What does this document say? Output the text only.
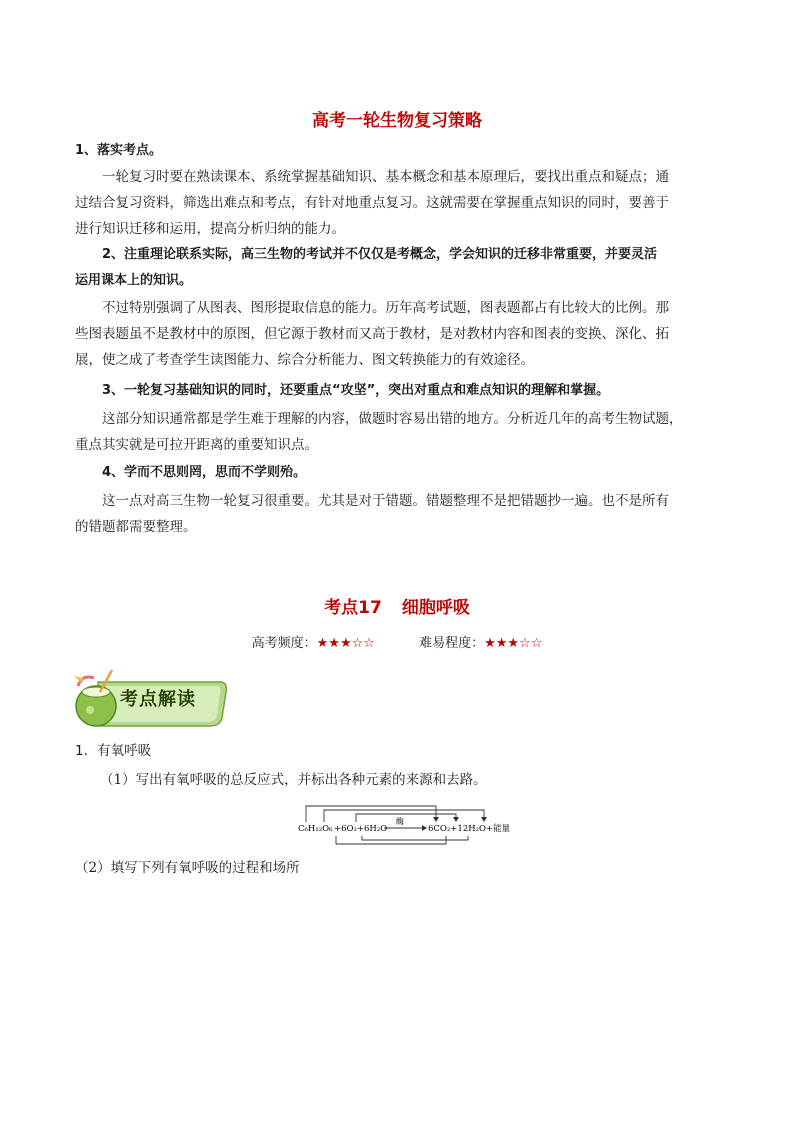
高考一轮生物复习策略
1、落实考点。
一轮复习时要在熟读课本、系统掌握基础知识、基本概念和基本原理后，要找出重点和疑点；通
过结合复习资料，筛选出难点和考点，有针对地重点复习。这就需要在掌握重点知识的同时，要善于
进行知识迁移和运用，提高分析归纳的能力。
2、注重理论联系实际，高三生物的考试并不仅仅是考概念，学会知识的迁移非常重要，并要灵活
运用课本上的知识。
不过特别强调了从图表、图形提取信息的能力。历年高考试题，图表题都占有比较大的比例。那
些图表题虽不是教材中的原图，但它源于教材而又高于教材，是对教材内容和图表的变换、深化、拓
展，使之成了考查学生读图能力、综合分析能力、图文转换能力的有效途径。
3、一轮复习基础知识的同时，还要重点“攻坚”，突出对重点和难点知识的理解和掌握。
这部分知识通常都是学生难于理解的内容，做题时容易出错的地方。分析近几年的高考生物试题，
重点其实就是可拉开距离的重要知识点。
4、学而不思则罔，思而不学则殆。
这一点对高三生物一轮复习很重要。尤其是对于错题。错题整理不是把错题抄一遍。也不是所有
的错题都需要整理。
考点17 细胞呼吸
高考频度：★★★☆☆	难易程度：★★★☆☆
考点解读
1．有氧呼吸
（1）写出有氧呼吸的总反应式，并标出各种元素的来源和去路。
酶
C₆H₁₂O₆ +6O₂+6H₂O	6CO₂+12H₂O+能量
（2）填写下列有氧呼吸的过程和场所
